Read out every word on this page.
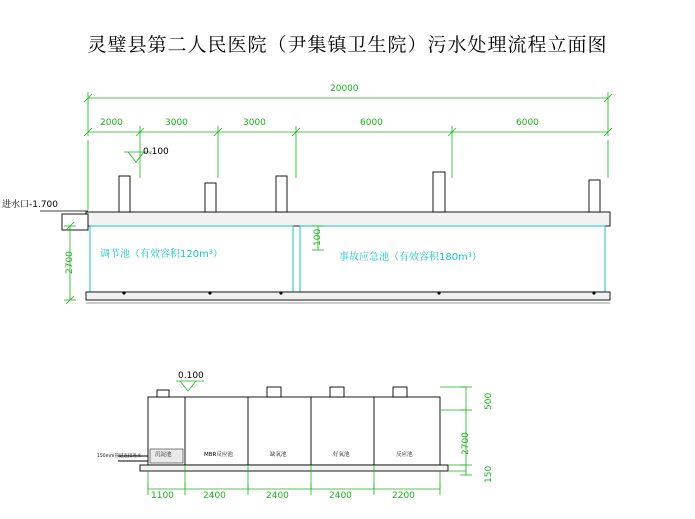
灵璧县第二人民医院（尹集镇卫生院）污水处理流程立面图
20000
2000	3000	3000	6000	6000
0.100
进水口-1.700
2700
100
调节池（有效容积120m³）	事故应急池（有效容积180m³）
0.100
150mm管道连接进水 沉淀池	MBR反应池	缺氧池	好氧池	反应池
1100	2400	2400	2400	2200
500
2700
150
